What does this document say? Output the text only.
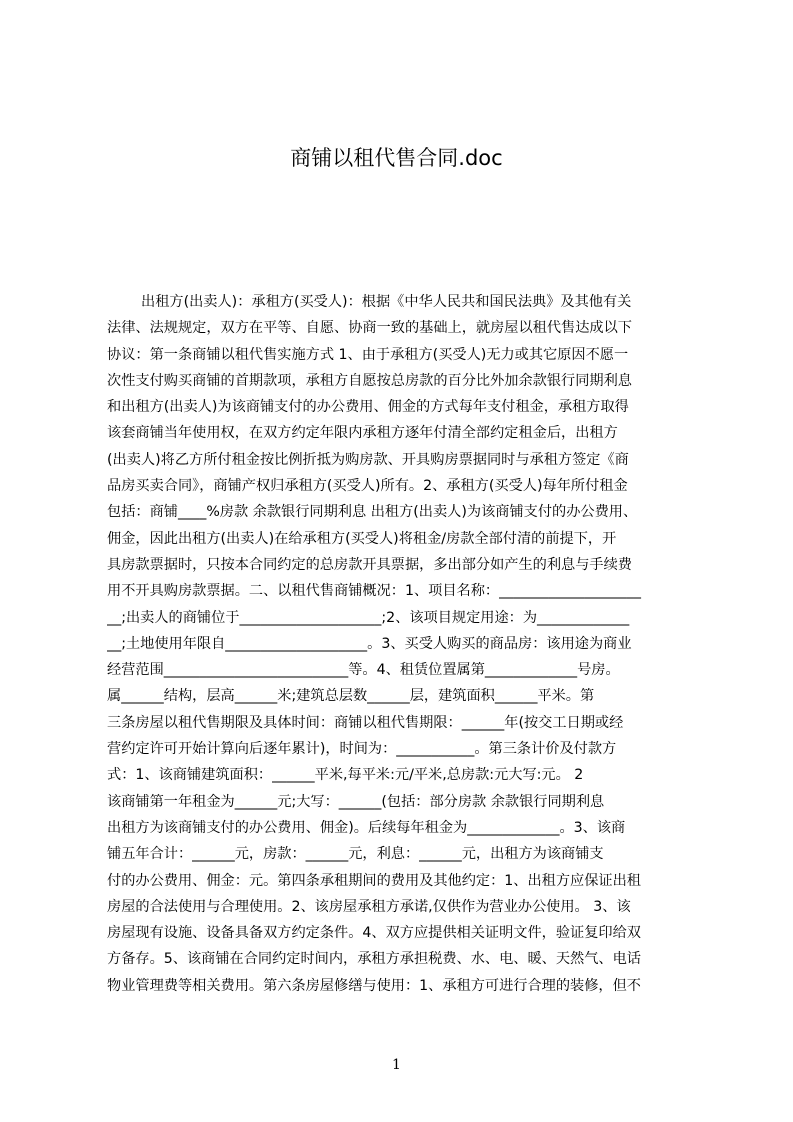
商铺以租代售合同.doc
出租方(出卖人)：承租方(买受人)：根据《中华人民共和国民法典》及其他有关
法律、法规规定，双方在平等、自愿、协商一致的基础上，就房屋以租代售达成以下
协议：第一条商铺以租代售实施方式 1、由于承租方(买受人)无力或其它原因不愿一
次性支付购买商铺的首期款项，承租方自愿按总房款的百分比外加余款银行同期利息
和出租方(出卖人)为该商铺支付的办公费用、佣金的方式每年支付租金，承租方取得
该套商铺当年使用权，在双方约定年限内承租方逐年付清全部约定租金后，出租方
(出卖人)将乙方所付租金按比例折抵为购房款、开具购房票据同时与承租方签定《商
品房买卖合同》，商铺产权归承租方(买受人)所有。2、承租方(买受人)每年所付租金
包括：商铺____%房款 余款银行同期利息 出租方(出卖人)为该商铺支付的办公费用、
佣金，因此出租方(出卖人)在给承租方(买受人)将租金/房款全部付清的前提下，开
具房款票据时，只按本合同约定的总房款开具票据，多出部分如产生的利息与手续费
用不开具购房款票据。二、以租代售商铺概况：1、项目名称：____________________
__;出卖人的商铺位于____________________;2、该项目规定用途：为_____________
__;土地使用年限自____________________。3、买受人购买的商品房：该用途为商业
经营范围__________________________等。4、租赁位置属第_____________号房。
属______结构，层高______米;建筑总层数______层，建筑面积______平米。第
三条房屋以租代售期限及具体时间：商铺以租代售期限：______年(按交工日期或经
营约定许可开始计算向后逐年累计)，时间为：___________。第三条计价及付款方
式：1、该商铺建筑面积：______平米,每平米:元/平米,总房款:元大写:元。 2
该商铺第一年租金为______元;大写：______(包括：部分房款 余款银行同期利息
出租方为该商铺支付的办公费用、佣金)。后续每年租金为_____________。3、该商
铺五年合计：______元，房款：______元，利息：______元，出租方为该商铺支
付的办公费用、佣金：元。第四条承租期间的费用及其他约定：1、出租方应保证出租
房屋的合法使用与合理使用。2、该房屋承租方承诺,仅供作为营业办公使用。 3、该
房屋现有设施、设备具备双方约定条件。4、双方应提供相关证明文件，验证复印给双
方备存。5、该商铺在合同约定时间内，承租方承担税费、水、电、暖、天然气、电话
物业管理费等相关费用。第六条房屋修缮与使用：1、承租方可进行合理的装修，但不
1
